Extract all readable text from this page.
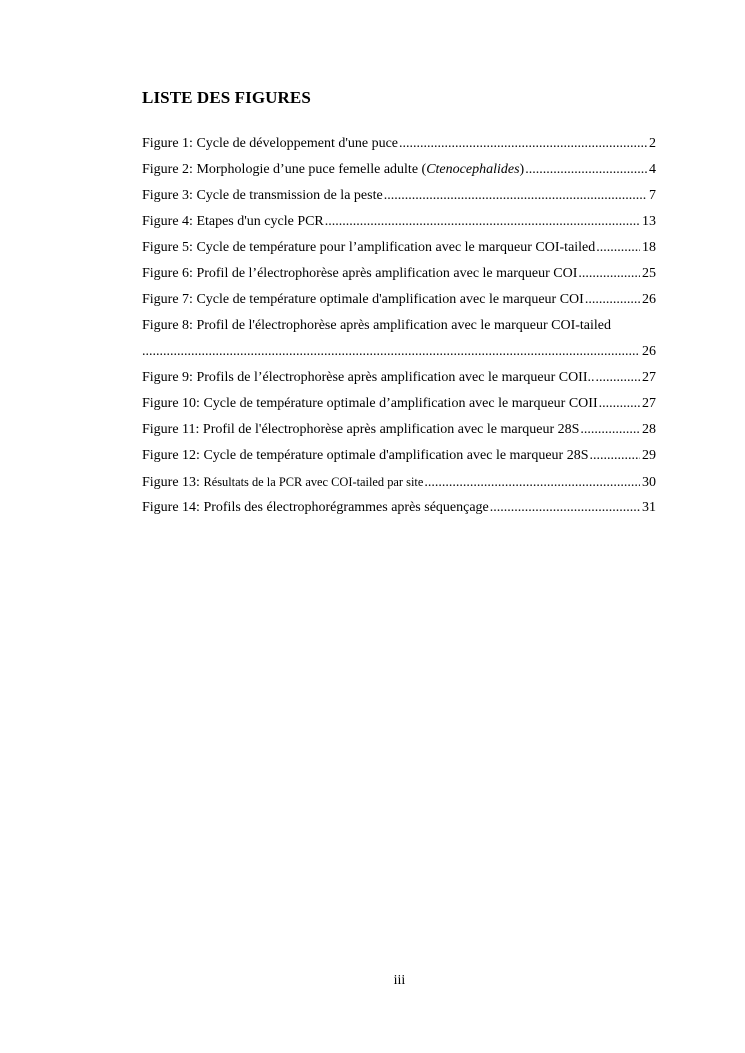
LISTE DES FIGURES
Figure 1: Cycle de développement d'une puce .....	2
Figure 2: Morphologie d’une puce femelle adulte (Ctenocephalides) .....	4
Figure 3: Cycle de transmission de la peste .....	7
Figure 4: Etapes d'un cycle PCR .....	13
Figure 5: Cycle de température pour l’amplification avec le marqueur COI-tailed .....	18
Figure 6: Profil de l’électrophorèse après amplification avec le marqueur COI .....	25
Figure 7: Cycle de température optimale d'amplification avec le marqueur COI .....	26
Figure 8: Profil de l'électrophorèse après amplification avec le marqueur COI-tailed
.....
26
Figure 9: Profils de l’électrophorèse après amplification avec le marqueur COII.. .....	27
Figure 10: Cycle de température optimale d’amplification avec le marqueur COII .....	27
Figure 11: Profil de l'électrophorèse après amplification avec le marqueur 28S .....	28
Figure 12: Cycle de température optimale d'amplification avec le marqueur 28S .....	29
Figure 13: Résultats de la PCR avec COI-tailed par site .....	30
Figure 14: Profils des électrophorégrammes après séquençage .....	31
iii
